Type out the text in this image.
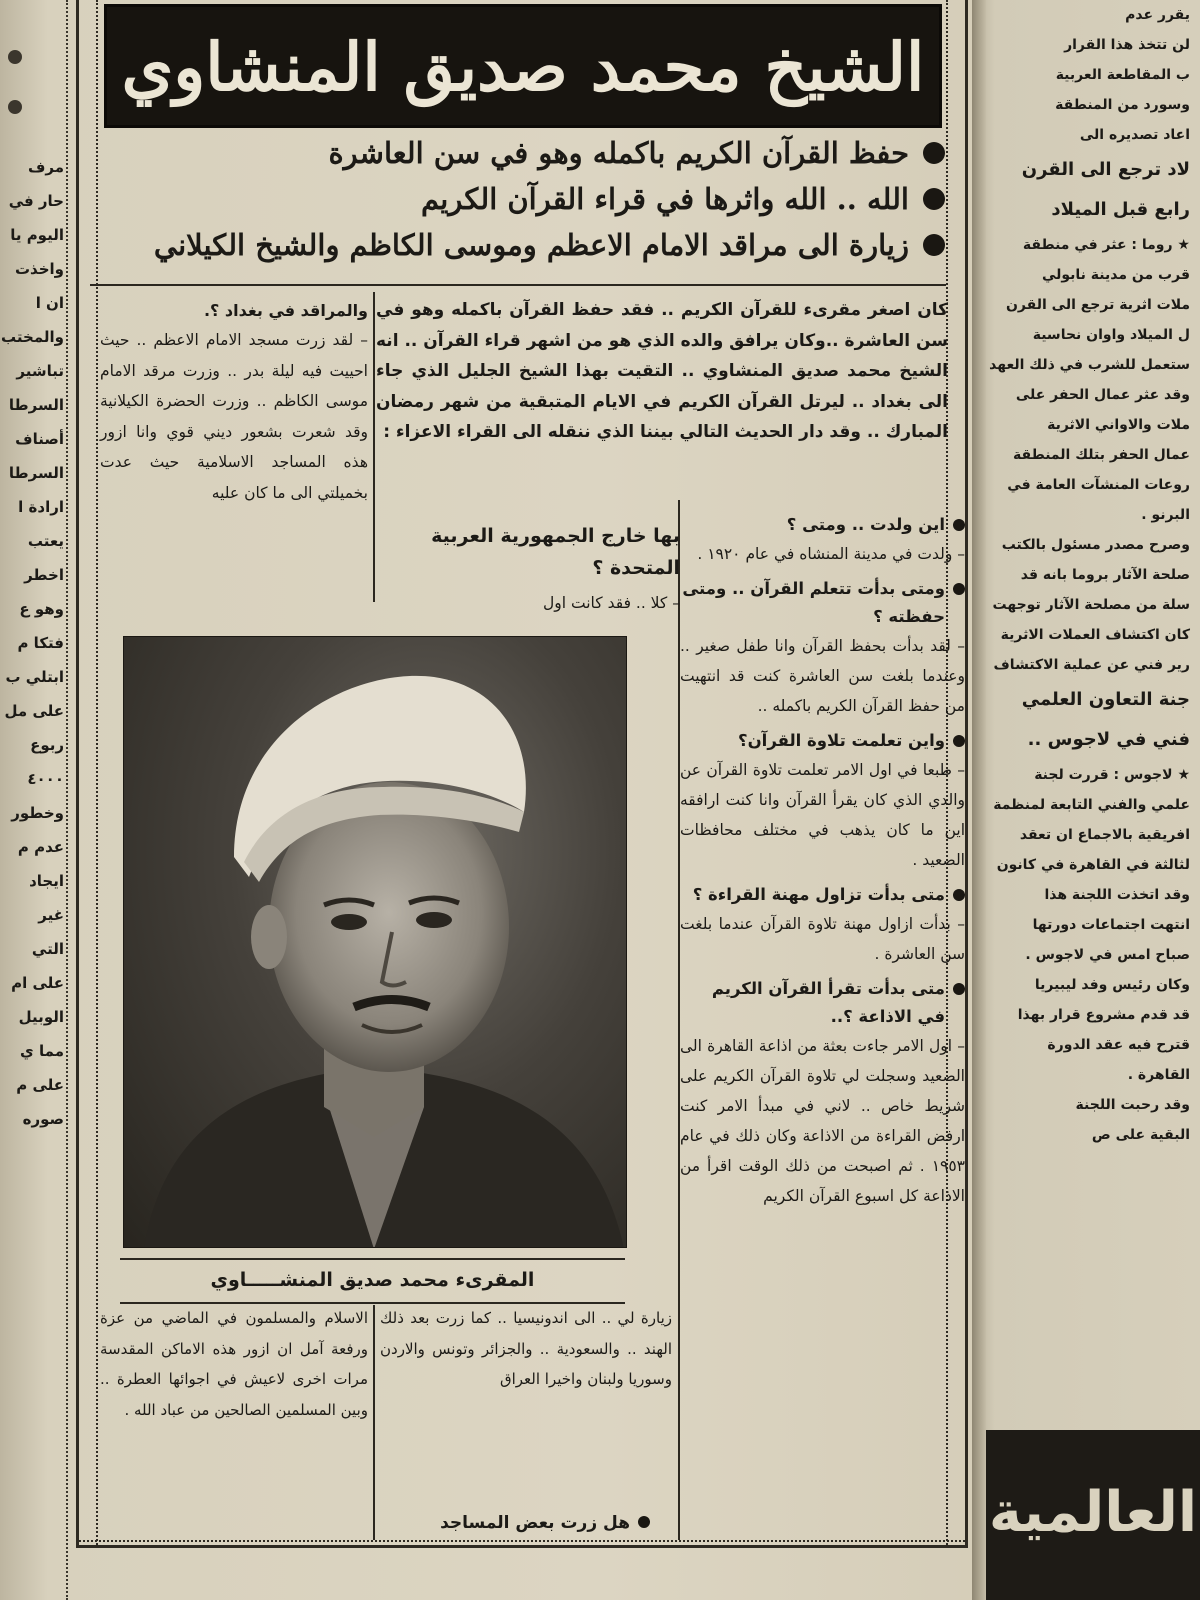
مرف

حار في

اليوم يا

واخذت

ان ا

والمختب

تباشير

السرطا

أصناف

السرطا

ارادة ا

يعتب

اخطر

وهو ع

فتكا م

ابتلي ب

على مل

ربوع

٤٠٠٠

وخطور

عدم م

ايجاد

غير

التي

على ام

الوبيل

مما ي

على م

صوره

يقرر عدم

لن تتخذ هذا القرار

ب المقاطعة العربية

وسورد من المنطقة

اعاد تصديره الى

لاد ترجع الى القرن

رابع قبل الميلاد

★ روما : عثر في منطقة

قرب من مدينة نابولي

ملات اثرية ترجع الى القرن

ل الميلاد واوان نحاسية

ستعمل للشرب في ذلك العهد

وقد عثر عمال الحفر على

ملات والاواني الاثرية

عمال الحفر بتلك المنطقة

روعات المنشآت العامة في

البرنو .

وصرح مصدر مسئول بالكتب

صلحة الآثار بروما بانه قد

سلة من مصلحة الآثار توجهت

كان اكتشاف العملات الاثرية

رير فني عن عملية الاكتشاف

جنة التعاون العلمي

فني في لاجوس ..

★ لاجوس : قررت لجنة

علمي والفني التابعة لمنظمة

افريقية بالاجماع ان تعقد

لثالثة في القاهرة في كانون

وقد اتخذت اللجنة هذا

انتهت اجتماعات دورتها

صباح امس في لاجوس .

وكان رئيس وفد ليبيريا

قد قدم مشروع قرار بهذا

قترح فيه عقد الدورة

القاهرة .

وقد رحبت اللجنة

البقية على ص

العالمية
الشيخ محمد صديق المنشاوي
حفظ القرآن الكريم باكمله وهو في سن العاشرة
الله .. الله واثرها في قراء القرآن الكريم
زيارة الى مراقد الامام الاعظم وموسى الكاظم والشيخ الكيلاني

كان اصغر مقرىء للقرآن الكريم .. فقد حفظ القرآن باكمله وهو في سن العاشرة ..وكان يرافق والده الذي هو من اشهر قراء القرآن .. انه الشيخ محمد صديق المنشاوي .. التقيت بهذا الشيخ الجليل الذي جاء الى بغداد .. ليرتل القرآن الكريم في الايام المتبقية من شهر رمضان المبارك .. وقد دار الحديث التالي بيننا الذي ننقله الى القراء الاعزاء :

اين ولدت .. ومتى ؟
– ولدت في مدينة المنشاه في عام ١٩٢٠ .
ومتى بدأت تتعلم القرآن .. ومتى حفظته ؟
– لقد بدأت بحفظ القرآن وانا طفل صغير .. وعندما بلغت سن العاشرة كنت قد انتهيت من حفظ القرآن الكريم باكمله ..
واين تعلمت تلاوة القرآن؟
– طبعا في اول الامر تعلمت تلاوة القرآن عن والدي الذي كان يقرأ القرآن وانا كنت ارافقه اين ما كان يذهب في مختلف محافظات الصعيد .
متى بدأت تزاول مهنة القراءة ؟
– بدأت ازاول مهنة تلاوة القرآن عندما بلغت سن العاشرة .
متى بدأت تقرأ القرآن الكريم في الاذاعة ؟..
– اول الامر جاءت بعثة من اذاعة القاهرة الى الصعيد وسجلت لي تلاوة القرآن الكريم على شريط خاص .. لاني في مبدأ الامر كنت ارفض القراءة من الاذاعة وكان ذلك في عام ١٩٥٣ . ثم اصبحت من ذلك الوقت اقرأ من الاذاعة كل اسبوع القرآن الكريم
بها خارج الجمهورية العربية المتحدة ؟
– كلا .. فقد كانت اول
والمراقد في بغداد ؟.
– لقد زرت مسجد الامام الاعظم .. حيث احييت فيه ليلة بدر .. وزرت مرقد الامام موسى الكاظم .. وزرت الحضرة الكيلانية وقد شعرت بشعور ديني قوي وانا ازور هذه المساجد الاسلامية حيث عدت بخميلتي الى ما كان عليه
المقرىء محمد صديق المنشـــــاوي
زيارة لي .. الى اندونيسيا .. كما زرت بعد ذلك الهند .. والسعودية .. والجزائر وتونس والاردن وسوريا ولبنان واخيرا العراق
الاسلام والمسلمون في الماضي من عزة ورفعة آمل ان ازور هذه الاماكن المقدسة مرات اخرى لاعيش في اجوائها العطرة .. وبين المسلمين الصالحين من عباد الله .
هل زرت بعض المساجد
